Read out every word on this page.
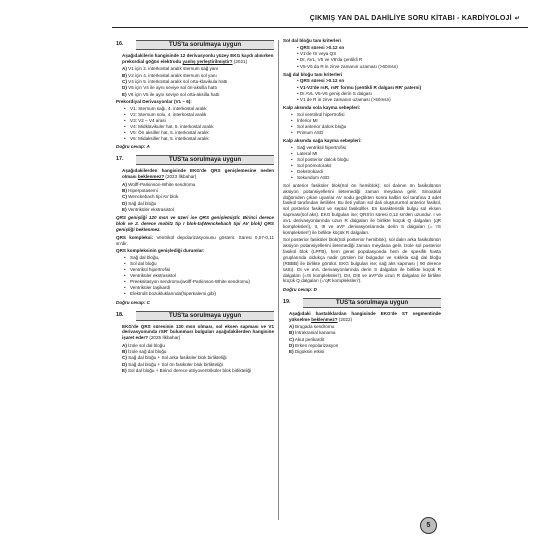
ÇIKMIŞ YAN DAL DAHİLİYE SORU KİTABI - KARDİYOLOJİ ↵
16.	TUS'ta sorulmaya uygun
Aşağıdakilerin hangisinde 12 derivasyonlu yüzey EKG kaydı alınırken prekordial göğüs elektrodu yanlış yerleştirilmiştir? (2021)
A) V1 için 2. interkostal aralık sternum sağ yanı
B) V2 için 4. interkostal aralık sternum sol yanı
C) V4 için 5. interkostal aralık sol orta-klavikula hattı
D) V5 için V4 ile aynı seviye sol ön-aksilla hattı
E) V6 için V5 ile aynı seviye sol orta-aksilla hattı
Prekordiyal Derivasyonlar (V1 – 6):
• V1: Sternum sağı, 4. interkostal aralık
• V2: Sternum solu, 4. interkostal aralık
• V3: V2 – V4 arası
• V4: Midklavikuler hat, 5. interkostal aralık
• V5: Ön aksiller hat, 5. interkostal aralık
• V6: Midaksiller hat, 5. interkostal aralık
Doğru cevap: A
17.	TUS'ta sorulmaya uygun
Aşağıdakilerden hangisinde EKG'de QRS genişlemesine neden olması beklenmez? (2023 İlkbahar)
A) Wolff-Parkinson-White sendromu
B) Hiperpotasemi
C) Wenckebach tipi AV blok
D) Sağ dal bloğu
E) Ventriküler ekstrasistol
QRS genişliği 120 msn ve üzeri ise QRS genişlemiştir. Birinci derece blok ve 2. derece mobitz tip I blok-ta(Wenckebach tipi AV blok) QRS genişliği beklenmez.
QRS kompleksi: Ventrikül depolarizasyonunu gösterir. Süresi 0,07-0,11 sn'dir.
QRS kompleksinin genişlediği durumlar:
• Sağ dal bloğu,
• Sol dal bloğu
• Ventrikül hipertrofisi
• Ventriküler ekstrasistol
• Preeksitasyon sendromu(wolff-Parkinson-White sendromu)
• Ventriküler taşikardi
• Elektrolit bozukluklarında(hiperkalemi gibi)
Doğru cevap: C
18.	TUS'ta sorulmaya uygun
EKG'de QRS süresinin 130 msn olması, sol eksen sapması ve V1 derivasyonunda rSR' bulunması bulguları aşağıdakilerden hangisine işaret eder? (2025 İlkbahar)
A) İzole sol dal bloğu
B) İzole sağ dal bloğu
C) Sağ dal bloğu + Sol arka fasiküler blok birlikteliği
D) Sağ dal bloğu + Sol ön fasiküler blok birlikteliği
E) Sol dal bloğu + Birinci derece atriyoventriküler blok birlikteliği
Sol dal bloğu tanı kriterleri
• QRS süresi >0.12 sn
• V1'de rS veya QS
• DI, AVL, V5 ve V6'da çentikli R
• V5-V6 da R in zirve zamanın uzaması (>60msn)
Sağ dal bloğu tanı kriterleri
• QRS süresi >0.12 sn
• V1-V2'de rsR, rsR' formu (çentikli R dalgası RR' paterni)
• DI AVL V5-V6 geniş derin S dalgası
• V1 de R in zirve zamanın uzaması (>50msn)
Kalp aksında sola kayma sebepleri:
• Sol ventrikül hipertrofisi
• İnferior MI
• Sol anterior dalcık bloğu
• Primum ASD
Kalp aksında sağa kayma sebepleri:
• Sağ ventrikül hipertrofisi
• Lateral MI
• Sol posterior dalcık bloğu
• Sol pnömotoraks
• Dekstrokardi
• Sekundum ASD
Sol anterior fasiküler blok(Sol ön hemiblok); sol dalının ön fasikülünün aksiyon potansiyellerini iletemediği zaman meydana gelir. Sinoatrial düğümden çıkan uyarılar AV nodu geçtikten sonra kalbin sol tarafına 3 adet fasikül tarafından iletilirler. Bu ileti yolları sol dalı oluştururSol anterior fasikül, sol posterior fasikül ve septal fasikülller. En karakteristik bulgu sol eksen sapması(sol aks). EKG bulguları ise; QRS'in süresi 0,12 sn'den uzundur. I ve aVL derivasyonlarında uzun R dalgaları ile birlikte küçük Q dalgaları (qR kompleksleri), II, III ve aVF derivasyonlarında derin S dalgaları (= 'rS kompleksleri') ile birlikte küçük R dalgaları.
Sol posterior fasiküler blok(Sol posterior hemiblok), sol dalın arka fasikülünün aksiyon potansiyellerini iletemediği zaman meydana gelir. İzole sol posterior fasikül blok (LPFB), hem genel popülasyonda hem de spesifik hasta gruplarında oldukça nadir görülen bir bulgudur ve sıklıkla sağ dal bloğu (RBBB) ile birlikte görülür. EKG bulguları ise; sağ aks sapması ( 90 derece üstü). DI ve aVL derivasyonlarında derin S dalgaları ile birlikte küçük R dalgaları (=rS kompleksleri'), DII, DIII ve aVF'de uzun R dalgaları ile birlikte küçük Q dalgaları (='qR kompleksleri').
Doğru cevap: D
19.	TUS'ta sorulmaya uygun
Aşağıdaki hastalıklardan hangisinde EKG'de ST segmentinde yükselme beklenmez? (2022)
A) Brugada sendromu
B) İntrakranial kanama
C) Akut perikardit
D) Erken repolarizasyon
E) Digoksin etkisi
5
